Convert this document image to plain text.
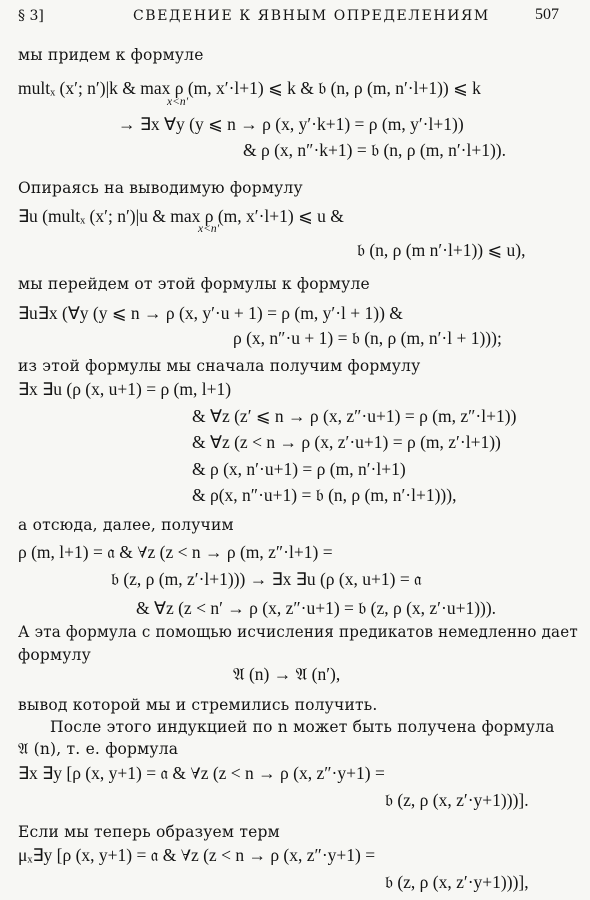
§ 3]	СВЕДЕНИЕ К ЯВНЫМ ОПРЕДЕЛЕНИЯМ	507
мы придем к формуле
multₓ (x′; n′)|k & max ρ (m, x′·l+1) ⩽ k & 𝔟 (n, ρ (m, n′·l+1)) ⩽ k
x<n′
→ ∃x ∀y (y ⩽ n → ρ (x, y′·k+1) = ρ (m, y′·l+1))
& ρ (x, n″·k+1) = 𝔟 (n, ρ (m, n′·l+1)).
Опираясь на выводимую формулу
∃u (multₓ (x′; n′)|u & max ρ (m, x′·l+1) ⩽ u &
x<n′
𝔟 (n, ρ (m n′·l+1)) ⩽ u),
мы перейдем от этой формулы к формуле
∃u∃x (∀y (y ⩽ n → ρ (x, y′·u + 1) = ρ (m, y′·l + 1)) &
ρ (x, n″·u + 1) = 𝔟 (n, ρ (m, n′·l + 1)));
из этой формулы мы сначала получим формулу
∃x ∃u (ρ (x, u+1) = ρ (m, l+1)
& ∀z (z′ ⩽ n → ρ (x, z″·u+1) = ρ (m, z″·l+1))
& ∀z (z < n → ρ (x, z′·u+1) = ρ (m, z′·l+1))
& ρ (x, n′·u+1) = ρ (m, n′·l+1)
& ρ(x, n″·u+1) = 𝔟 (n, ρ (m, n′·l+1))),
а отсюда, далее, получим
ρ (m, l+1) = 𝔞 & ∀z (z < n → ρ (m, z″·l+1) =
𝔟 (z, ρ (m, z′·l+1))) → ∃x ∃u (ρ (x, u+1) = 𝔞
& ∀z (z < n′ → ρ (x, z″·u+1) = 𝔟 (z, ρ (x, z′·u+1))).
А эта формула с помощью исчисления предикатов немедленно дает
формулу
𝔄 (n) → 𝔄 (n′),
вывод которой мы и стремились получить.
После этого индукцией по n может быть получена формула
𝔄 (n), т. е. формула
∃x ∃y [ρ (x, y+1) = 𝔞 & ∀z (z < n → ρ (x, z″·y+1) =
𝔟 (z, ρ (x, z′·y+1)))].
Если мы теперь образуем терм
μₓ∃y [ρ (x, y+1) = 𝔞 & ∀z (z < n → ρ (x, z″·y+1) =
𝔟 (z, ρ (x, z′·y+1)))],
